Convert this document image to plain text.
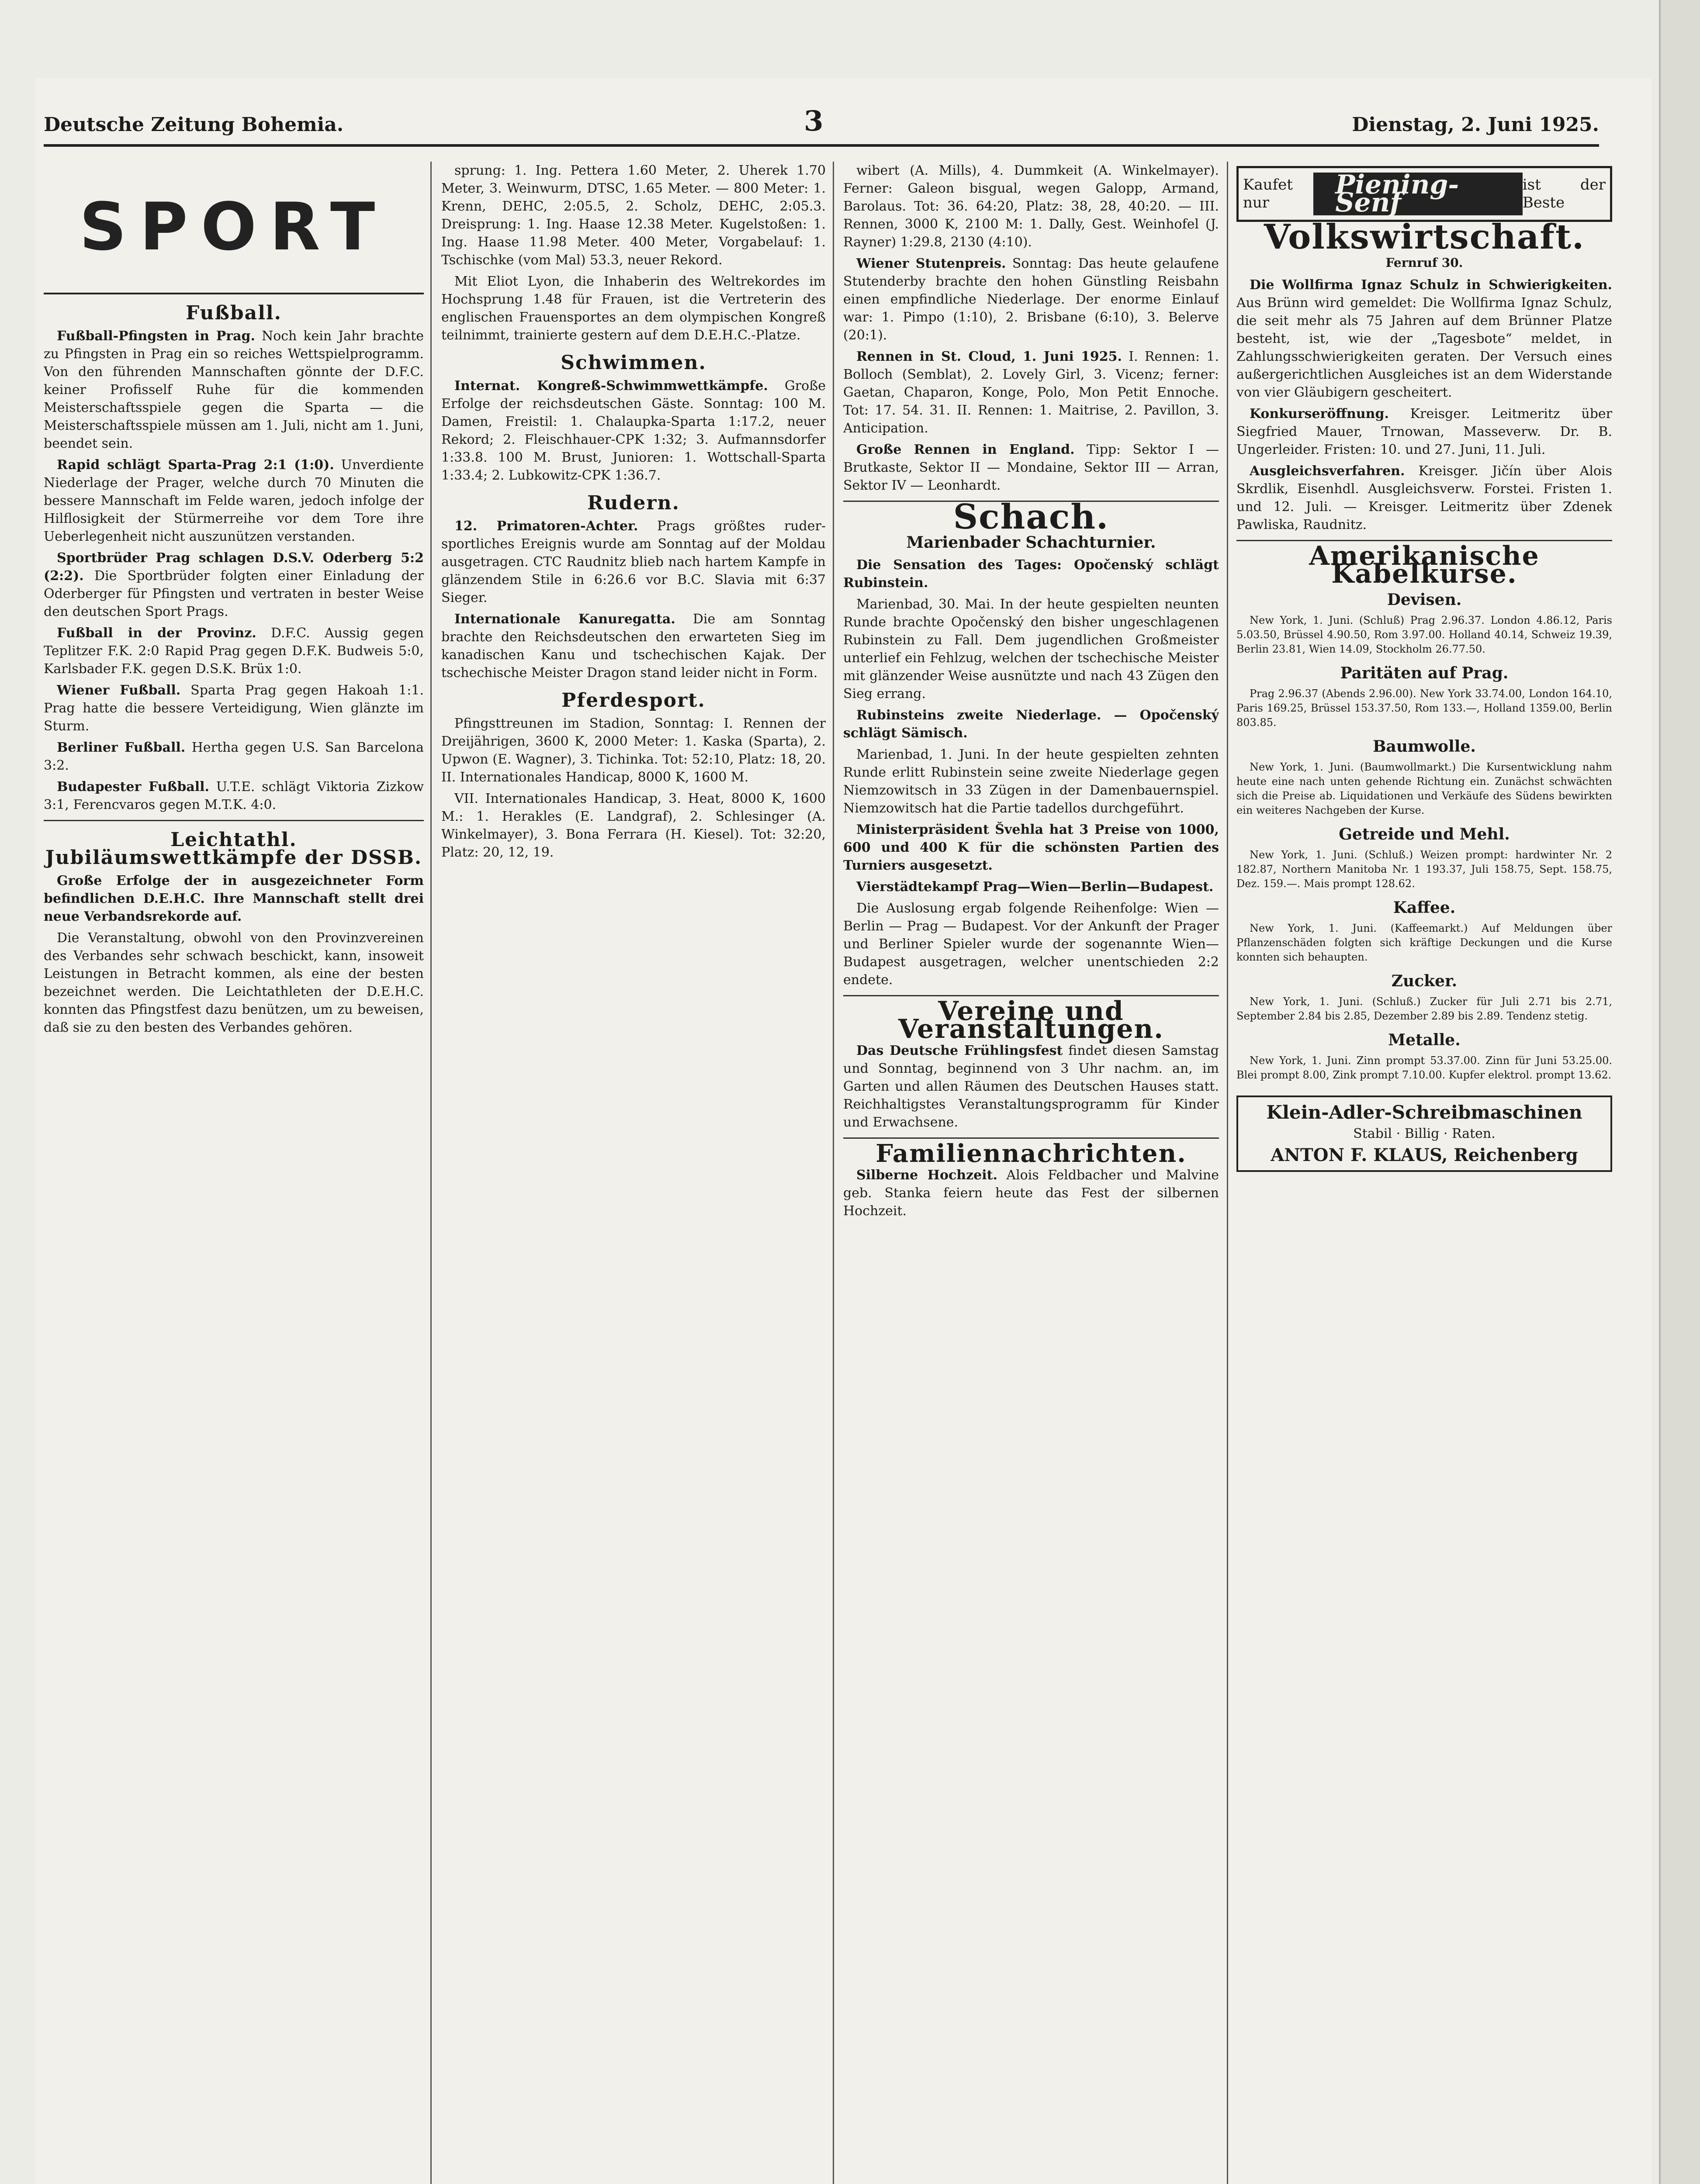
Deutsche Zeitung Bohemia.	3	Dienstag, 2. Juni 1925.
SPORT
Fußball.

Fußball-Pfingsten in Prag. Noch kein Jahr brachte zu Pfingsten in Prag ein so reiches Wettspielprogramm. Von den führenden Mannschaften gönnte der D.F.C. keiner Profisself Ruhe für die kommenden Meisterschaftsspiele gegen die Sparta — die Meisterschaftsspiele müssen am 1. Juli, nicht am 1. Juni, beendet sein.

Rapid schlägt Sparta-Prag 2:1 (1:0). Unverdiente Niederlage der Prager, welche durch 70 Minuten die bessere Mannschaft im Felde waren, jedoch infolge der Hilflosigkeit der Stürmerreihe vor dem Tore ihre Ueberlegenheit nicht auszunützen verstanden.

Sportbrüder Prag schlagen D.S.V. Oderberg 5:2 (2:2). Die Sportbrüder folgten einer Einladung der Oderberger für Pfingsten und vertraten in bester Weise den deutschen Sport Prags.

Fußball in der Provinz. D.F.C. Aussig gegen Teplitzer F.K. 2:0 Rapid Prag gegen D.F.K. Budweis 5:0, Karlsbader F.K. gegen D.S.K. Brüx 1:0.

Wiener Fußball. Sparta Prag gegen Hakoah 1:1. Prag hatte die bessere Verteidigung, Wien glänzte im Sturm.

Berliner Fußball. Hertha gegen U.S. San Barcelona 3:2.

Budapester Fußball. U.T.E. schlägt Viktoria Zizkow 3:1, Ferencvaros gegen M.T.K. 4:0.

Leichtathl. Jubiläumswettkämpfe der DSSB.

Große Erfolge der in ausgezeichneter Form befindlichen D.E.H.C. Ihre Mannschaft stellt drei neue Verbandsrekorde auf.

Die Veranstaltung, obwohl von den Provinzvereinen des Verbandes sehr schwach beschickt, kann, insoweit Leistungen in Betracht kommen, als eine der besten bezeichnet werden. Die Leichtathleten der D.E.H.C. konnten das Pfingstfest dazu benützen, um zu beweisen, daß sie zu den besten des Verbandes gehören.

sprung: 1. Ing. Pettera 1.60 Meter, 2. Uherek 1.70 Meter, 3. Weinwurm, DTSC, 1.65 Meter. — 800 Meter: 1. Krenn, DEHC, 2:05.5, 2. Scholz, DEHC, 2:05.3. Dreisprung: 1. Ing. Haase 12.38 Meter. Kugelstoßen: 1. Ing. Haase 11.98 Meter. 400 Meter, Vorgabelauf: 1. Tschischke (vom Mal) 53.3, neuer Rekord.

Mit Eliot Lyon, die Inhaberin des Weltrekordes im Hochsprung 1.48 für Frauen, ist die Vertreterin des englischen Frauensportes an dem olympischen Kongreß teilnimmt, trainierte gestern auf dem D.E.H.C.-Platze.

Schwimmen.

Internat. Kongreß-Schwimmwettkämpfe. Große Erfolge der reichsdeutschen Gäste. Sonntag: 100 M. Damen, Freistil: 1. Chalaupka-Sparta 1:17.2, neuer Rekord; 2. Fleischhauer-CPK 1:32; 3. Aufmannsdorfer 1:33.8. 100 M. Brust, Junioren: 1. Wottschall-Sparta 1:33.4; 2. Lubkowitz-CPK 1:36.7.

Rudern.

12. Primatoren-Achter. Prags größtes ruder-sportliches Ereignis wurde am Sonntag auf der Moldau ausgetragen. CTC Raudnitz blieb nach hartem Kampfe in glänzendem Stile in 6:26.6 vor B.C. Slavia mit 6:37 Sieger.

Internationale Kanuregatta. Die am Sonntag brachte den Reichsdeutschen den erwarteten Sieg im kanadischen Kanu und tschechischen Kajak. Der tschechische Meister Dragon stand leider nicht in Form.

Pferdesport.

Pfingsttreunen im Stadion, Sonntag: I. Rennen der Dreijährigen, 3600 K, 2000 Meter: 1. Kaska (Sparta), 2. Upwon (E. Wagner), 3. Tichinka. Tot: 52:10, Platz: 18, 20. II. Internationales Handicap, 8000 K, 1600 M.

VII. Internationales Handicap, 3. Heat, 8000 K, 1600 M.: 1. Herakles (E. Landgraf), 2. Schlesinger (A. Winkelmayer), 3. Bona Ferrara (H. Kiesel). Tot: 32:20, Platz: 20, 12, 19.

wibert (A. Mills), 4. Dummkeit (A. Winkelmayer). Ferner: Galeon bisgual, wegen Galopp, Armand, Barolaus. Tot: 36. 64:20, Platz: 38, 28, 40:20. — III. Rennen, 3000 K, 2100 M: 1. Dally, Gest. Weinhofel (J. Rayner) 1:29.8, 2130 (4:10).

Wiener Stutenpreis. Sonntag: Das heute gelaufene Stutenderby brachte den hohen Günstling Reisbahn einen empfindliche Niederlage. Der enorme Einlauf war: 1. Pimpo (1:10), 2. Brisbane (6:10), 3. Belerve (20:1).

Rennen in St. Cloud, 1. Juni 1925. I. Rennen: 1. Bolloch (Semblat), 2. Lovely Girl, 3. Vicenz; ferner: Gaetan, Chaparon, Konge, Polo, Mon Petit Ennoche. Tot: 17. 54. 31. II. Rennen: 1. Maitrise, 2. Pavillon, 3. Anticipation.

Große Rennen in England. Tipp: Sektor I — Brutkaste, Sektor II — Mondaine, Sektor III — Arran, Sektor IV — Leonhardt.

Schach.
Marienbader Schachturnier.

Die Sensation des Tages: Opočenský schlägt Rubinstein.

Marienbad, 30. Mai. In der heute gespielten neunten Runde brachte Opočenský den bisher ungeschlagenen Rubinstein zu Fall. Dem jugendlichen Großmeister unterlief ein Fehlzug, welchen der tschechische Meister mit glänzender Weise ausnützte und nach 43 Zügen den Sieg errang.

Rubinsteins zweite Niederlage. — Opočenský schlägt Sämisch.

Marienbad, 1. Juni. In der heute gespielten zehnten Runde erlitt Rubinstein seine zweite Niederlage gegen Niemzowitsch in 33 Zügen in der Damenbauernspiel. Niemzowitsch hat die Partie tadellos durchgeführt.

Ministerpräsident Švehla hat 3 Preise von 1000, 600 und 400 K für die schönsten Partien des Turniers ausgesetzt.

Vierstädtekampf Prag—Wien—Berlin—Budapest.

Die Auslosung ergab folgende Reihenfolge: Wien — Berlin — Prag — Budapest. Vor der Ankunft der Prager und Berliner Spieler wurde der sogenannte Wien—Budapest ausgetragen, welcher unentschieden 2:2 endete.

Vereine und Veranstaltungen.

Das Deutsche Frühlingsfest findet diesen Samstag und Sonntag, beginnend von 3 Uhr nachm. an, im Garten und allen Räumen des Deutschen Hauses statt. Reichhaltigstes Veranstaltungsprogramm für Kinder und Erwachsene.

Familiennachrichten.

Silberne Hochzeit. Alois Feldbacher und Malvine geb. Stanka feiern heute das Fest der silbernen Hochzeit.

Kaufet nur
Piening-Senf
ist der Beste
Volkswirtschaft.
Fernruf 30.

Die Wollfirma Ignaz Schulz in Schwierigkeiten. Aus Brünn wird gemeldet: Die Wollfirma Ignaz Schulz, die seit mehr als 75 Jahren auf dem Brünner Platze besteht, ist, wie der „Tagesbote“ meldet, in Zahlungsschwierigkeiten geraten. Der Versuch eines außergerichtlichen Ausgleiches ist an dem Widerstande von vier Gläubigern gescheitert.

Konkurseröffnung. Kreisger. Leitmeritz über Siegfried Mauer, Trnowan, Masseverw. Dr. B. Ungerleider. Fristen: 10. und 27. Juni, 11. Juli.

Ausgleichsverfahren. Kreisger. Jičín über Alois Skrdlik, Eisenhdl. Ausgleichsverw. Forstei. Fristen 1. und 12. Juli. — Kreisger. Leitmeritz über Zdenek Pawliska, Raudnitz.

Amerikanische Kabelkurse.
Devisen.

New York, 1. Juni. (Schluß) Prag 2.96.37. London 4.86.12, Paris 5.03.50, Brüssel 4.90.50, Rom 3.97.00. Holland 40.14, Schweiz 19.39, Berlin 23.81, Wien 14.09, Stockholm 26.77.50.

Paritäten auf Prag.

Prag 2.96.37 (Abends 2.96.00). New York 33.74.00, London 164.10, Paris 169.25, Brüssel 153.37.50, Rom 133.—, Holland 1359.00, Berlin 803.85.

Baumwolle.

New York, 1. Juni. (Baumwollmarkt.) Die Kursentwicklung nahm heute eine nach unten gehende Richtung ein. Zunächst schwächten sich die Preise ab. Liquidationen und Verkäufe des Südens bewirkten ein weiteres Nachgeben der Kurse.

Getreide und Mehl.

New York, 1. Juni. (Schluß.) Weizen prompt: hardwinter Nr. 2 182.87, Northern Manitoba Nr. 1 193.37, Juli 158.75, Sept. 158.75, Dez. 159.—. Mais prompt 128.62.

Kaffee.

New York, 1. Juni. (Kaffeemarkt.) Auf Meldungen über Pflanzenschäden folgten sich kräftige Deckungen und die Kurse konnten sich behaupten.

Zucker.

New York, 1. Juni. (Schluß.) Zucker für Juli 2.71 bis 2.71, September 2.84 bis 2.85, Dezember 2.89 bis 2.89. Tendenz stetig.

Metalle.

New York, 1. Juni. Zinn prompt 53.37.00. Zinn für Juni 53.25.00. Blei prompt 8.00, Zink prompt 7.10.00. Kupfer elektrol. prompt 13.62.

Klein-Adler-Schreibmaschinen
Stabil · Billig · Raten.
ANTON F. KLAUS, Reichenberg
